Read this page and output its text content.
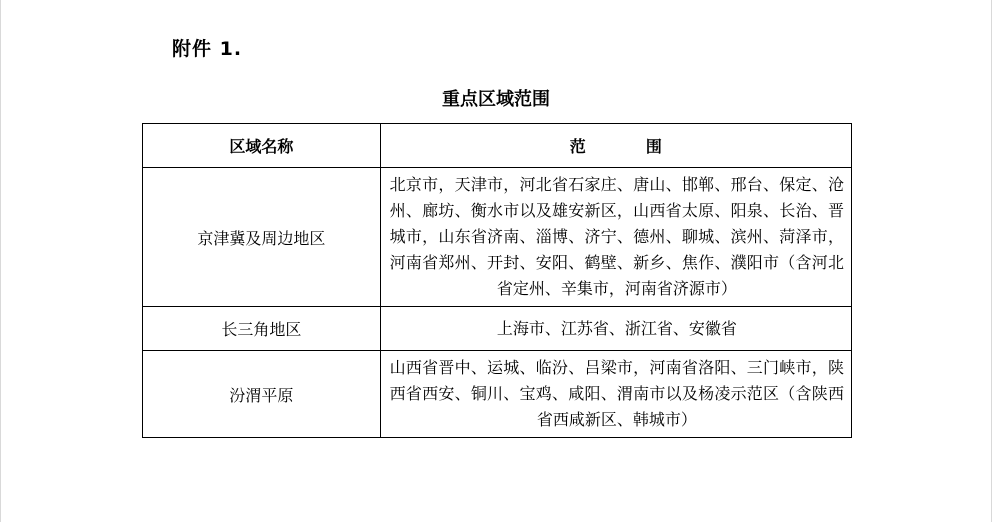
附件 1.
重点区域范围
区域名称	范 围
京津冀及周边地区	北京市，天津市，河北省石家庄、唐山、邯郸、邢台、保定、沧州、廊坊、衡水市以及雄安新区，山西省太原、阳泉、长治、晋城市，山东省济南、淄博、济宁、德州、聊城、滨州、菏泽市，河南省郑州、开封、安阳、鹤壁、新乡、焦作、濮阳市（含河北省定州、辛集市，河南省济源市）
长三角地区	上海市、江苏省、浙江省、安徽省
汾渭平原	山西省晋中、运城、临汾、吕梁市，河南省洛阳、三门峡市，陕西省西安、铜川、宝鸡、咸阳、渭南市以及杨凌示范区（含陕西省西咸新区、韩城市）
